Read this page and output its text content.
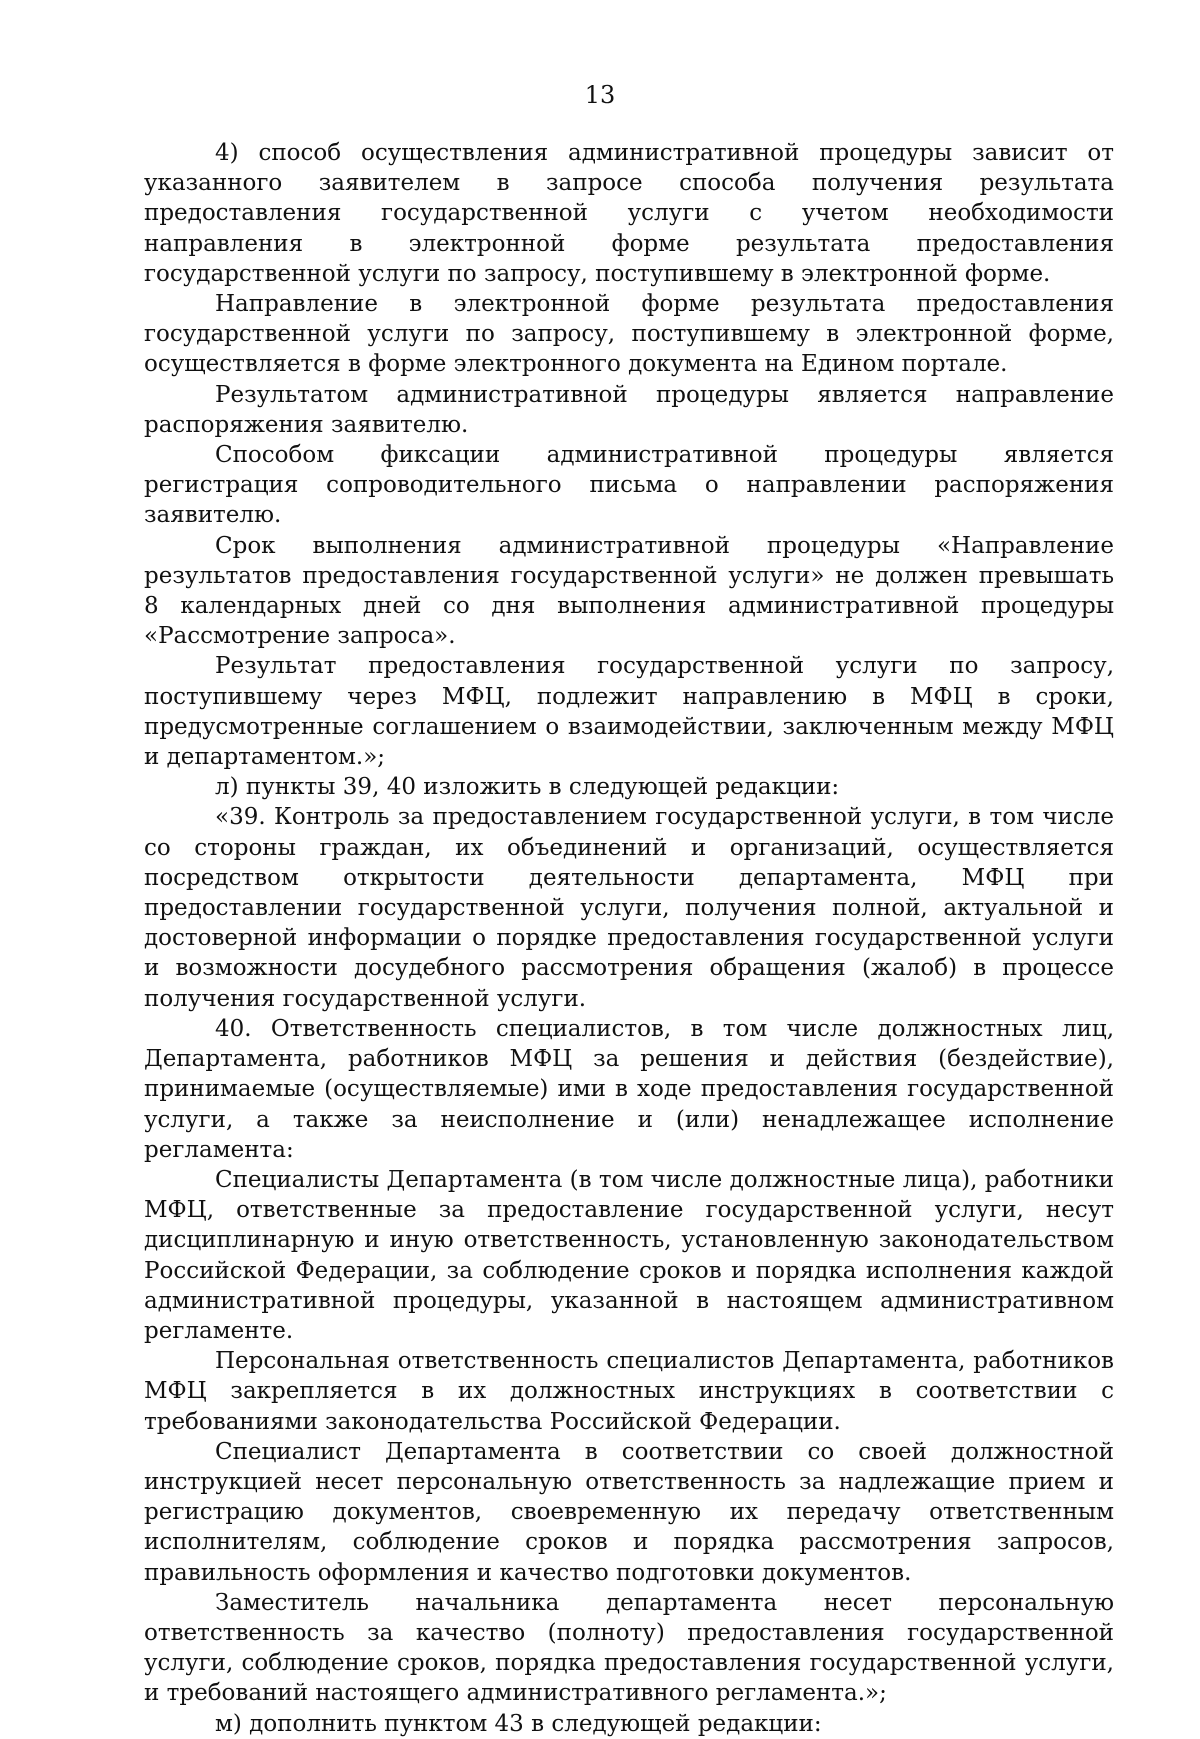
13

4) способ осуществления административной процедуры зависит от указанного заявителем в запросе способа получения результата предоставления государственной услуги с учетом необходимости направления в электронной форме результата предоставления государственной услуги по запросу, поступившему в электронной форме.

Направление в электронной форме результата предоставления государственной услуги по запросу, поступившему в электронной форме, осуществляется в форме электронного документа на Едином портале.

Результатом административной процедуры является направление распоряжения заявителю.

Способом фиксации административной процедуры является регистрация сопроводительного письма о направлении распоряжения заявителю.

Срок выполнения административной процедуры «Направление результатов предоставления государственной услуги» не должен превышать 8 календарных дней со дня выполнения административной процедуры «Рассмотрение запроса».

Результат предоставления государственной услуги по запросу, поступившему через МФЦ, подлежит направлению в МФЦ в сроки, предусмотренные соглашением о взаимодействии, заключенным между МФЦ и департаментом.»;

л) пункты 39, 40 изложить в следующей редакции:

«39. Контроль за предоставлением государственной услуги, в том числе со стороны граждан, их объединений и организаций, осуществляется посредством открытости деятельности департамента, МФЦ при предоставлении государственной услуги, получения полной, актуальной и достоверной информации о порядке предоставления государственной услуги и возможности досудебного рассмотрения обращения (жалоб) в процессе получения государственной услуги.

40. Ответственность специалистов, в том числе должностных лиц, Департамента, работников МФЦ за решения и действия (бездействие), принимаемые (осуществляемые) ими в ходе предоставления государственной услуги, а также за неисполнение и (или) ненадлежащее исполнение регламента:

Специалисты Департамента (в том числе должностные лица), работники МФЦ, ответственные за предоставление государственной услуги, несут дисциплинарную и иную ответственность, установленную законодательством Российской Федерации, за соблюдение сроков и порядка исполнения каждой административной процедуры, указанной в настоящем административном регламенте.

Персональная ответственность специалистов Департамента, работников МФЦ закрепляется в их должностных инструкциях в соответствии с требованиями законодательства Российской Федерации.

Специалист Департамента в соответствии со своей должностной инструкцией несет персональную ответственность за надлежащие прием и регистрацию документов, своевременную их передачу ответственным исполнителям, соблюдение сроков и порядка рассмотрения запросов, правильность оформления и качество подготовки документов.

Заместитель начальника департамента несет персональную ответственность за качество (полноту) предоставления государственной услуги, соблюдение сроков, порядка предоставления государственной услуги, и требований настоящего административного регламента.»;

м) дополнить пунктом 43 в следующей редакции:
